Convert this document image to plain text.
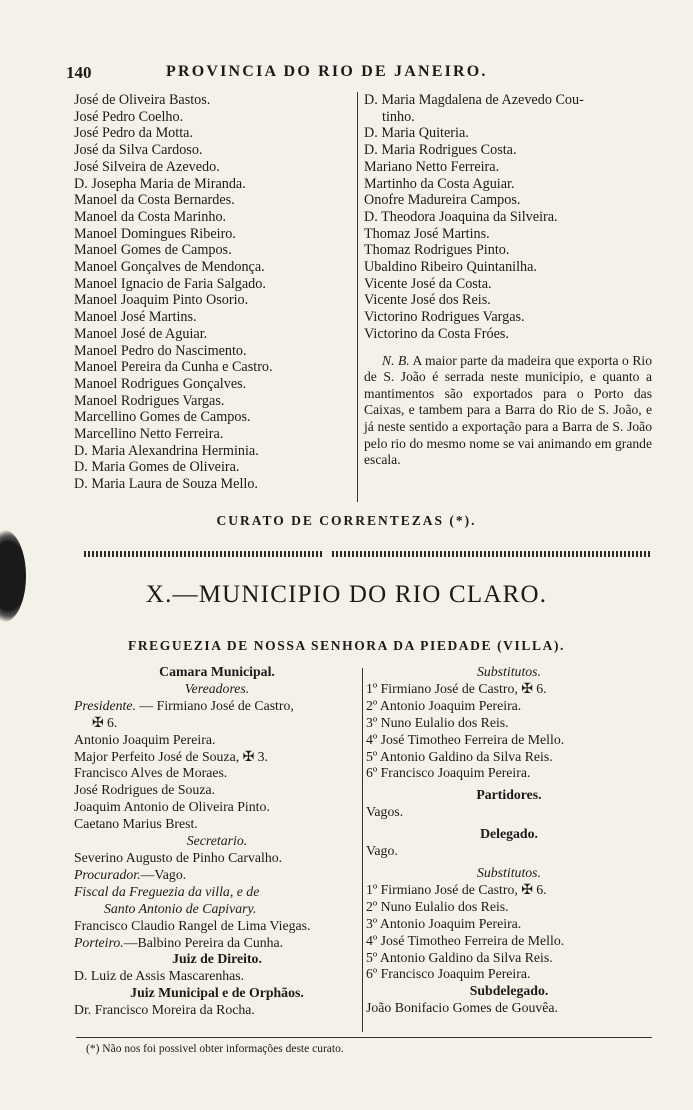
140	PROVINCIA DO RIO DE JANEIRO.
José de Oliveira Bastos.
José Pedro Coelho.
José Pedro da Motta.
José da Silva Cardoso.
José Silveira de Azevedo.
D. Josepha Maria de Miranda.
Manoel da Costa Bernardes.
Manoel da Costa Marinho.
Manoel Domingues Ribeiro.
Manoel Gomes de Campos.
Manoel Gonçalves de Mendonça.
Manoel Ignacio de Faria Salgado.
Manoel Joaquim Pinto Osorio.
Manoel José Martins.
Manoel José de Aguiar.
Manoel Pedro do Nascimento.
Manoel Pereira da Cunha e Castro.
Manoel Rodrigues Gonçalves.
Manoel Rodrigues Vargas.
Marcellino Gomes de Campos.
Marcellino Netto Ferreira.
D. Maria Alexandrina Herminia.
D. Maria Gomes de Oliveira.
D. Maria Laura de Souza Mello.
D. Maria Magdalena de Azevedo Cou-
tinho.
D. Maria Quiteria.
D. Maria Rodrigues Costa.
Mariano Netto Ferreira.
Martinho da Costa Aguiar.
Onofre Madureira Campos.
D. Theodora Joaquina da Silveira.
Thomaz José Martins.
Thomaz Rodrigues Pinto.
Ubaldino Ribeiro Quintanilha.
Vicente José da Costa.
Vicente José dos Reis.
Victorino Rodrigues Vargas.
Victorino da Costa Fróes.
N. B. A maior parte da madeira que exporta o Rio de S. João é serrada neste municipio, e quanto a mantimentos são exportados para o Porto das Caixas, e tambem para a Barra do Rio de S. João, e já neste sentido a exportação para a Barra de S. João pelo rio do mesmo nome se vai animando em grande escala.
CURATO DE CORRENTEZAS (*).
X.—MUNICIPIO DO RIO CLARO.
FREGUEZIA DE NOSSA SENHORA DA PIEDADE (VILLA).
Camara Municipal.
Vereadores.
Presidente. — Firmiano José de Castro,
✠ 6.
Antonio Joaquim Pereira.
Major Perfeito José de Souza, ✠ 3.
Francisco Alves de Moraes.
José Rodrigues de Souza.
Joaquim Antonio de Oliveira Pinto.
Caetano Marius Brest.
Secretario.
Severino Augusto de Pinho Carvalho.
Procurador.—Vago.
Fiscal da Freguezia da villa, e de
Santo Antonio de Capivary.
Francisco Claudio Rangel de Lima Viegas.
Porteiro.—Balbino Pereira da Cunha.
Juiz de Direito.
D. Luiz de Assis Mascarenhas.
Juiz Municipal e de Orphãos.
Dr. Francisco Moreira da Rocha.
Substitutos.
1º Firmiano José de Castro, ✠ 6.
2º Antonio Joaquim Pereira.
3º Nuno Eulalio dos Reis.
4º José Timotheo Ferreira de Mello.
5º Antonio Galdino da Silva Reis.
6º Francisco Joaquim Pereira.
Partidores.
Vagos.
Delegado.
Vago.
Substitutos.
1º Firmiano José de Castro, ✠ 6.
2º Nuno Eulalio dos Reis.
3º Antonio Joaquim Pereira.
4º José Timotheo Ferreira de Mello.
5º Antonio Galdino da Silva Reis.
6º Francisco Joaquim Pereira.
Subdelegado.
João Bonifacio Gomes de Gouvêa.
(*) Não nos foi possivel obter informações deste curato.
